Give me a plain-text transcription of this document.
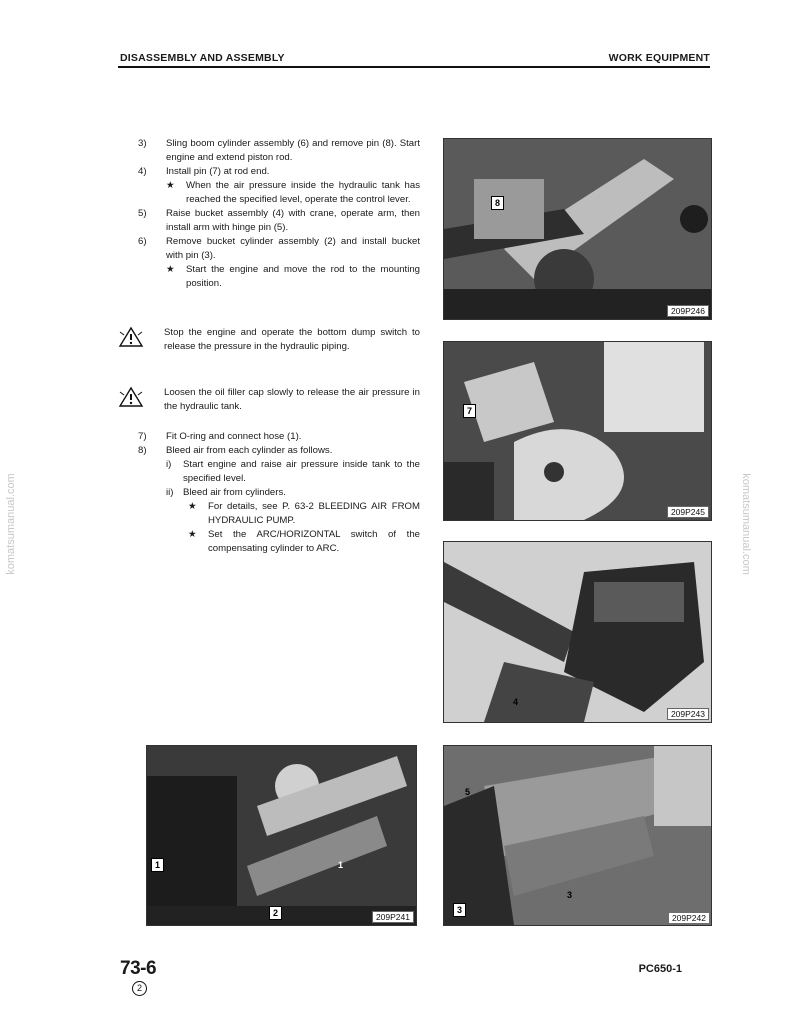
DISASSEMBLY AND ASSEMBLY	WORK EQUIPMENT
komatsumanual.com	komatsumanual.com
3) Sling boom cylinder assembly (6) and remove pin (8). Start engine and extend piston rod.
4) Install pin (7) at rod end.
★ When the air pressure inside the hydraulic tank has reached the specified level, operate the control lever.
5) Raise bucket assembly (4) with crane, operate arm, then install arm with hinge pin (5).
6) Remove bucket cylinder assembly (2) and install bucket with pin (3).
★ Start the engine and move the rod to the mounting position.
Stop the engine and operate the bottom dump switch to release the pressure in the hydraulic piping.
Loosen the oil filler cap slowly to release the air pressure in the hydraulic tank.
7) Fit O-ring and connect hose (1).
8) Bleed air from each cylinder as follows.
i) Start engine and raise air pressure inside tank to the specified level.
ii) Bleed air from cylinders.
★ For details, see P. 63-2 BLEEDING AIR FROM HYDRAULIC PUMP.
★ Set the ARC/HORIZONTAL switch of the compensating cylinder to ARC.
8
209P246
7
209P245
4
209P243
1
2
1
209P241
5
3
3
209P242
73-6
2
PC650-1
